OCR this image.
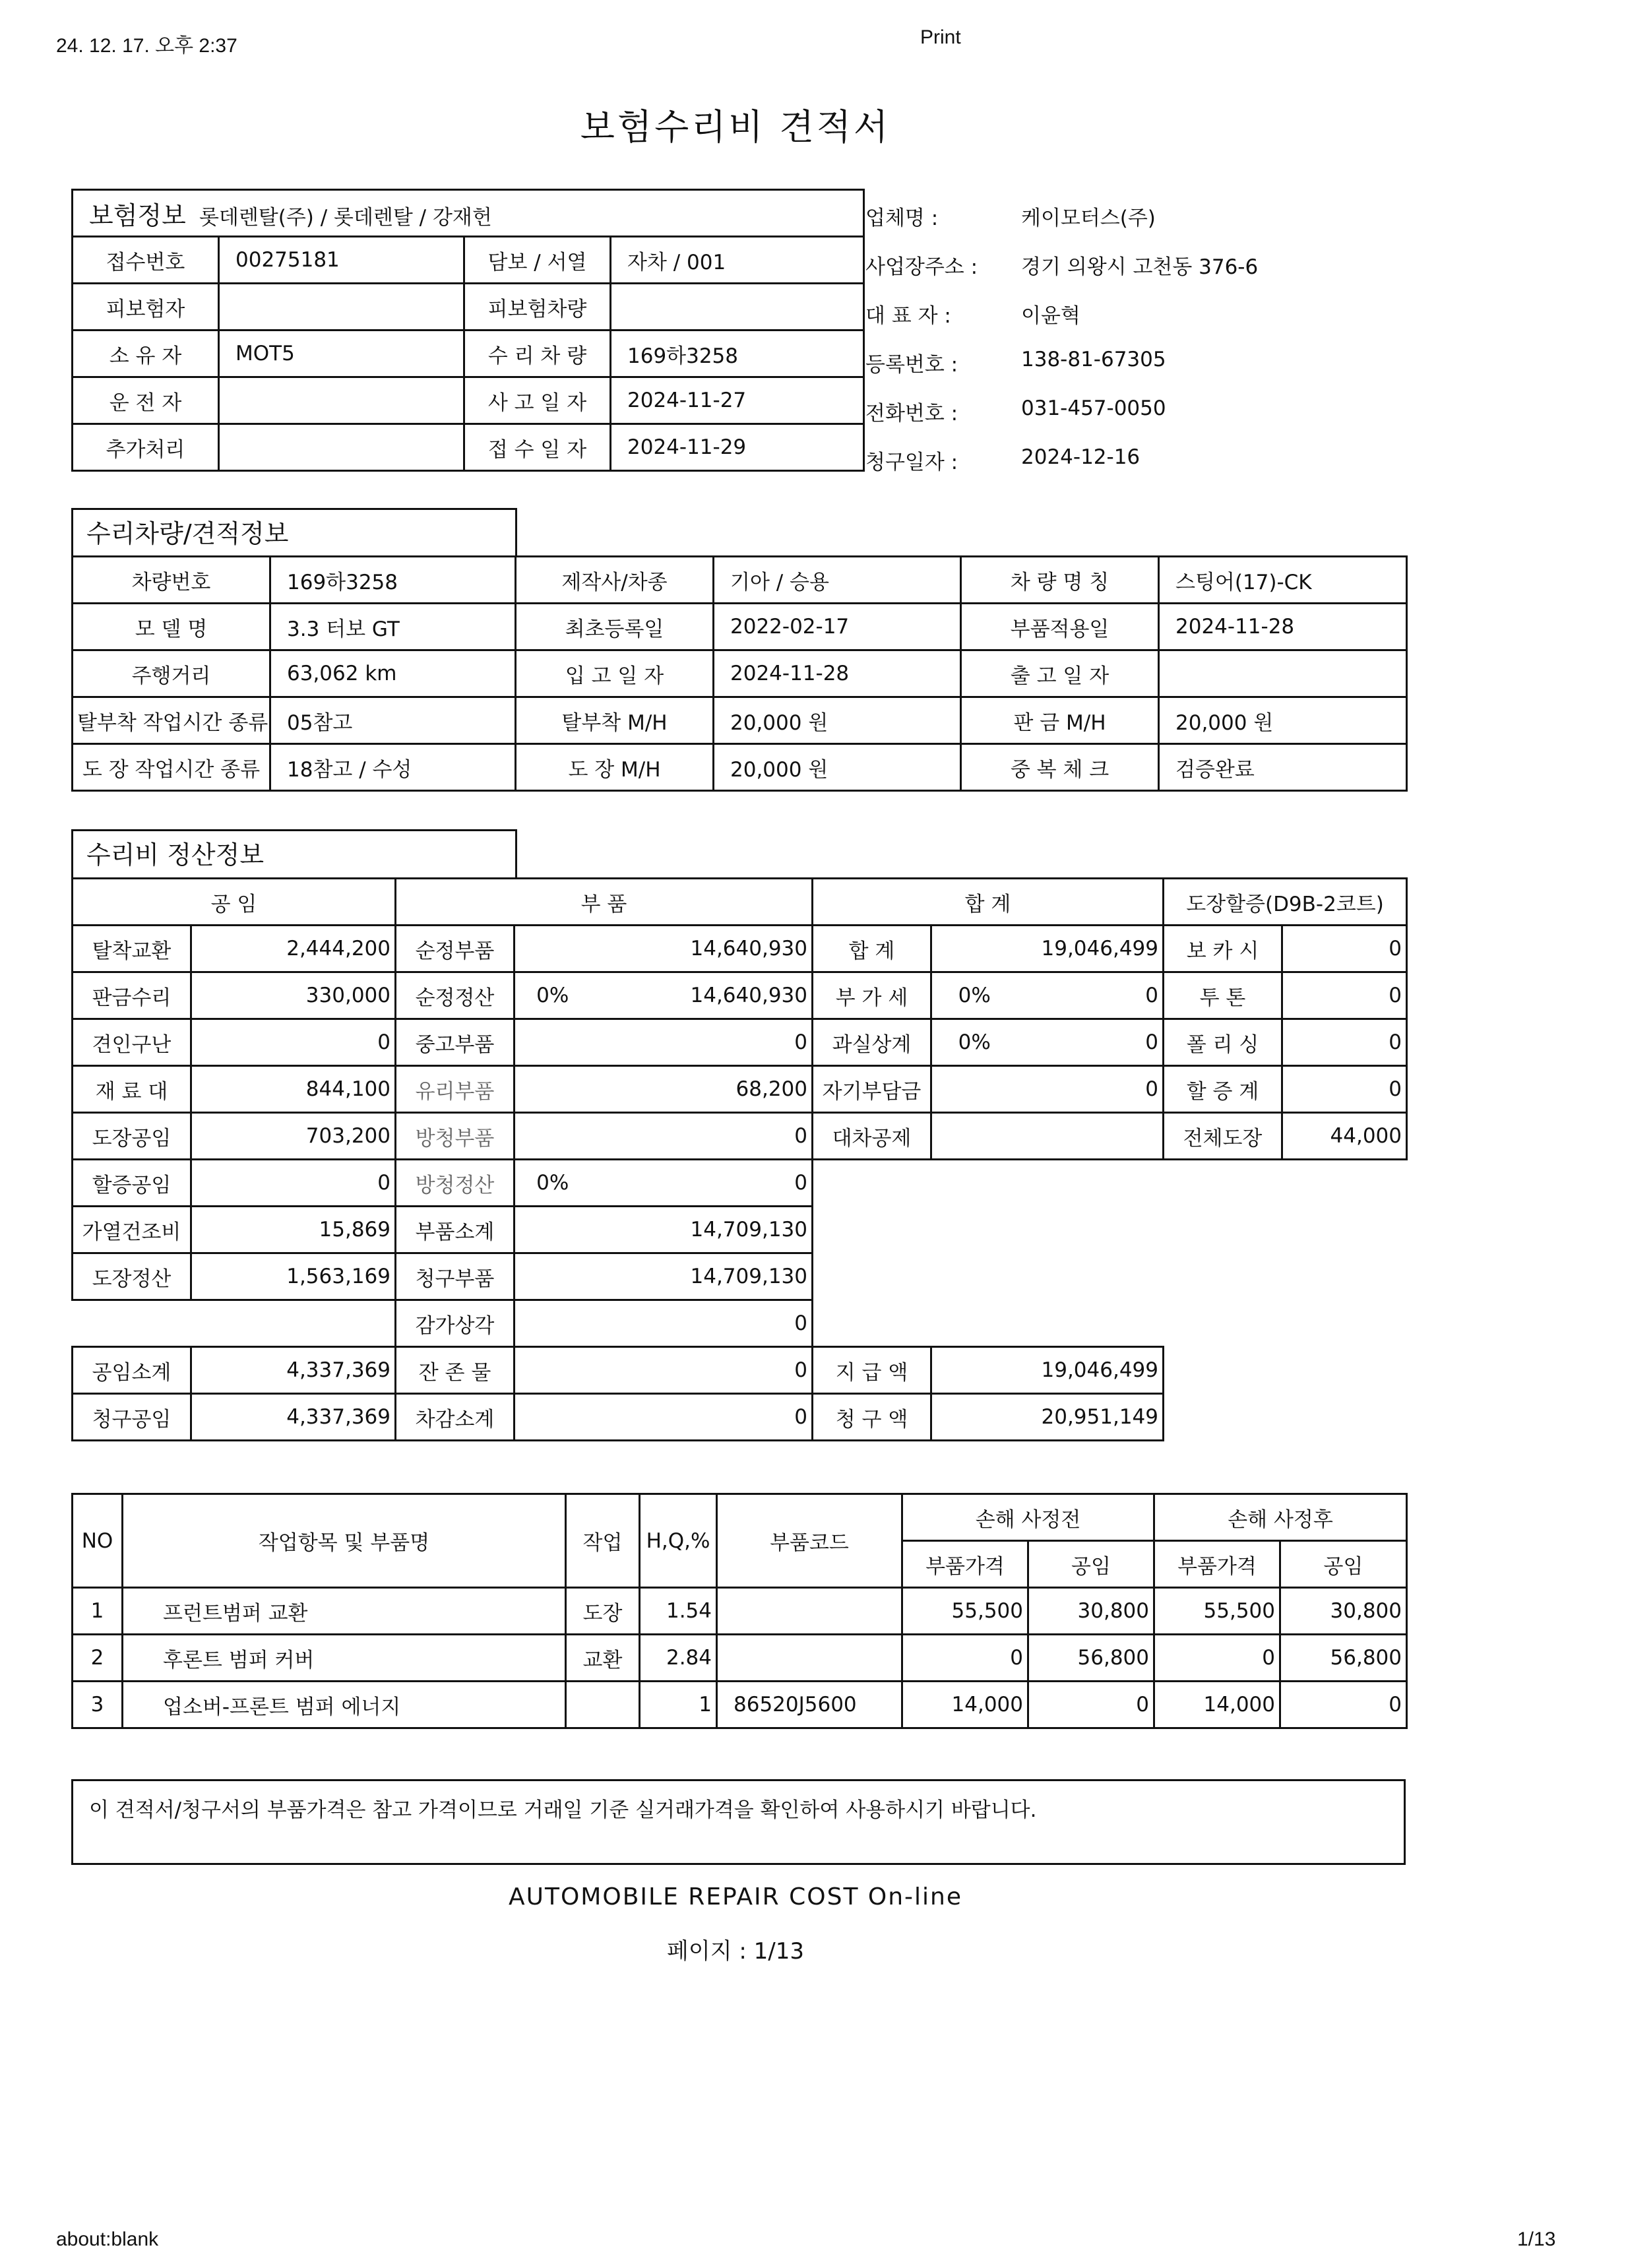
24. 12. 17. 오후 2:37	Print
about:blank	1/13
보험수리비 견적서
보험정보 롯데렌탈(주) / 롯데렌탈 / 강재헌			
접수번호	00275181	담보 / 서열	자차 / 001
피보험자		피보험차량	
소 유 자	MOT5	수 리 차 량	169하3258
운 전 자		사 고 일 자	2024-11-27
추가처리		접 수 일 자	2024-11-29
업체명 :	케이모터스(주)
사업장주소 : 경기 의왕시 고천동 376-6
대 표 자 :	이윤혁
등록번호 :	138-81-67305
전화번호 :	031-457-0050
청구일자 :	2024-12-16
수리차량/견적정보
차량번호	169하3258	제작사/차종	기아 / 승용	차 량 명 칭	스팅어(17)-CK
모 델 명	3.3 터보 GT	최초등록일	2022-02-17	부품적용일	2024-11-28
주행거리	63,062 km	입 고 일 자	2024-11-28	출 고 일 자	
탈부착 작업시간 종류	05참고	탈부착 M/H	20,000 원	판 금 M/H	20,000 원
도 장 작업시간 종류	18참고 / 수성	도 장 M/H	20,000 원	중 복 체 크	검증완료
수리비 정산정보
공 임		부 품			합 계			도장할증(D9B-2코트)	
탈착교환	2,444,200	순정부품		14,640,930	합 계		19,046,499	보 카 시	0
판금수리	330,000	순정정산	0%	14,640,930	부 가 세	0%	0	투 톤	0
견인구난	0	중고부품		0	과실상계	0%	0	폴 리 싱	0
재 료 대	844,100	유리부품		68,200	자기부담금		0	할 증 계	0
도장공임	703,200	방청부품		0	대차공제			전체도장	44,000
할증공임	0	방청정산	0%	0					
가열건조비	15,869	부품소계		14,709,130					
도장정산	1,563,169	청구부품		14,709,130					
		감가상각		0					
공임소계	4,337,369	잔 존 물		0	지 급 액		19,046,499		
청구공임	4,337,369	차감소계		0	청 구 액		20,951,149		
NO	작업항목 및 부품명	작업	H,Q,%	부품코드	손해 사정전		손해 사정후	
					부품가격	공임	부품가격	공임
1	프런트범퍼 교환	도장	1.54		55,500	30,800	55,500	30,800
2	후론트 범퍼 커버	교환	2.84		0	56,800	0	56,800
3	업소버-프론트 범퍼 에너지		1	86520J5600	14,000	0	14,000	0
이 견적서/청구서의 부품가격은 참고 가격이므로 거래일 기준 실거래가격을 확인하여 사용하시기 바랍니다.
AUTOMOBILE REPAIR COST On-line
페이지 : 1/13
